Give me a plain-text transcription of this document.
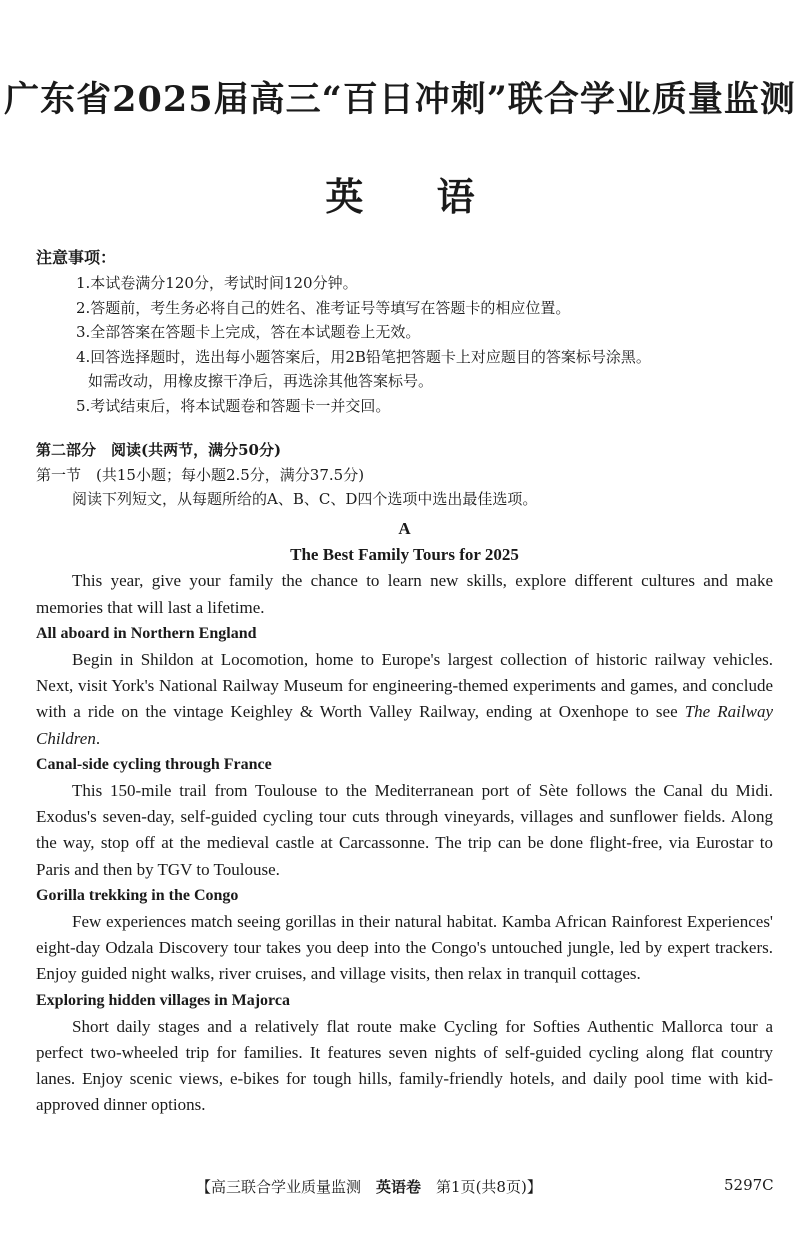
广东省2025届高三“百日冲刺”联合学业质量监测
英 语
注意事项：
1.本试卷满分120分，考试时间120分钟。
2.答题前，考生务必将自己的姓名、准考证号等填写在答题卡的相应位置。
3.全部答案在答题卡上完成，答在本试题卷上无效。
4.回答选择题时，选出每小题答案后，用2B铅笔把答题卡上对应题目的答案标号涂黑。
如需改动，用橡皮擦干净后，再选涂其他答案标号。
5.考试结束后，将本试题卷和答题卡一并交回。
第二部分　阅读(共两节，满分50分)
第一节　(共15小题；每小题2.5分，满分37.5分)
阅读下列短文，从每题所给的A、B、C、D四个选项中选出最佳选项。
A
The Best Family Tours for 2025

This year, give your family the chance to learn new skills, explore different cultures and make memories that will last a lifetime.

All aboard in Northern England

Begin in Shildon at Locomotion, home to Europe's largest collection of historic railway vehicles. Next, visit York's National Railway Museum for engineering-themed experiments and games, and conclude with a ride on the vintage Keighley & Worth Valley Railway, ending at Oxenhope to see The Railway Children.

Canal-side cycling through France

This 150-mile trail from Toulouse to the Mediterranean port of Sète follows the Canal du Midi. Exodus's seven-day, self-guided cycling tour cuts through vineyards, villages and sunflower fields. Along the way, stop off at the medieval castle at Carcassonne. The trip can be done flight-free, via Eurostar to Paris and then by TGV to Toulouse.

Gorilla trekking in the Congo

Few experiences match seeing gorillas in their natural habitat. Kamba African Rainforest Experiences' eight-day Odzala Discovery tour takes you deep into the Congo's untouched jungle, led by expert trackers. Enjoy guided night walks, river cruises, and village visits, then relax in tranquil cottages.

Exploring hidden villages in Majorca

Short daily stages and a relatively flat route make Cycling for Softies Authentic Mallorca tour a perfect two-wheeled trip for families. It features seven nights of self-guided cycling along flat country lanes. Enjoy scenic views, e-bikes for tough hills, family-friendly hotels, and daily pool time with kid-approved dinner options.

【高三联合学业质量监测　英语卷　第1页(共8页)】	5297C
